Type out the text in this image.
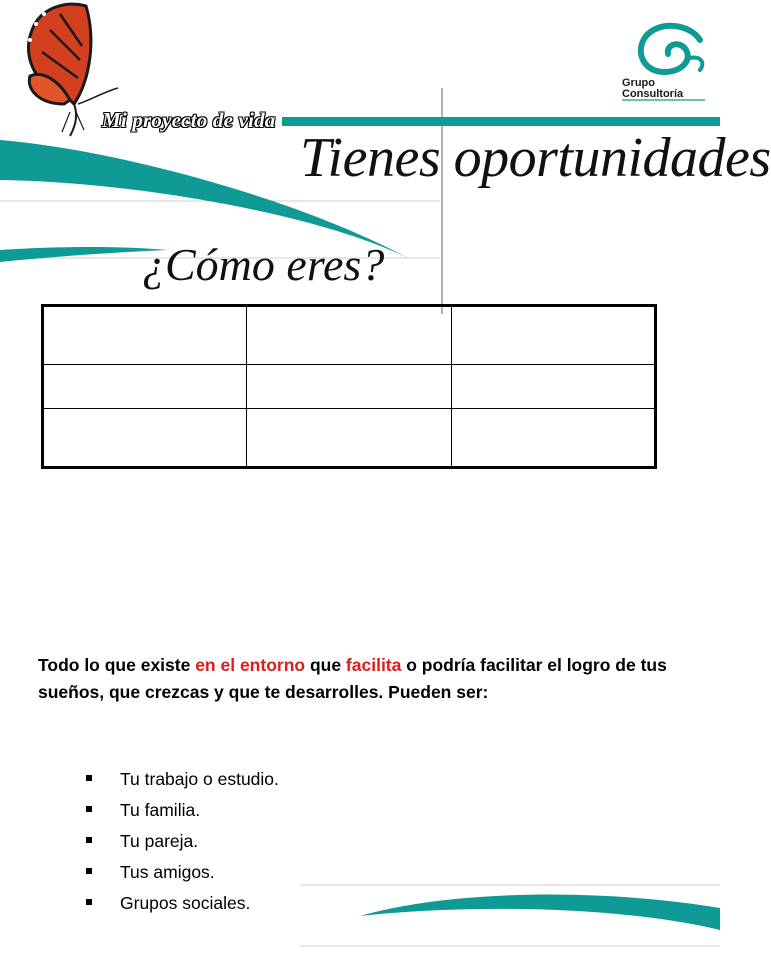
Mi proyecto de vida
Tienes oportunidades
Grupo
Consultoría
¿Cómo eres?

Todo lo que existe en el entorno que facilita o podría facilitar el logro de tus sueños, que crezcas y que te desarrolles. Pueden ser:
Tu trabajo o estudio.
Tu familia.
Tu pareja.
Tus amigos.
Grupos sociales.
